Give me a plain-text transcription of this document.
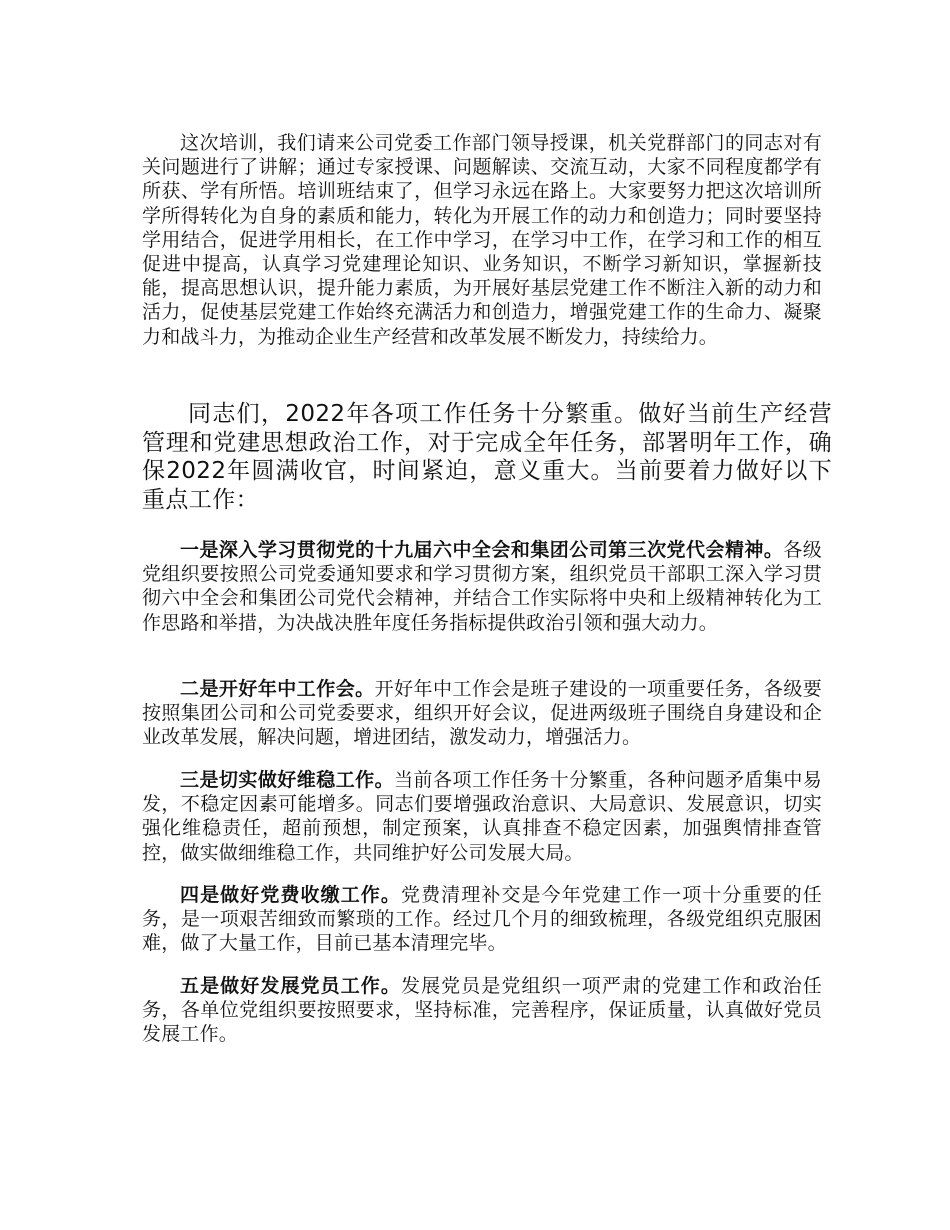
这次培训，我们请来公司党委工作部门领导授课，机关党群部门的同志对有关问题进行了讲解；通过专家授课、问题解读、交流互动，大家不同程度都学有所获、学有所悟。培训班结束了，但学习永远在路上。大家要努力把这次培训所学所得转化为自身的素质和能力，转化为开展工作的动力和创造力；同时要坚持学用结合，促进学用相长，在工作中学习，在学习中工作，在学习和工作的相互促进中提高，认真学习党建理论知识、业务知识，不断学习新知识，掌握新技能，提高思想认识，提升能力素质，为开展好基层党建工作不断注入新的动力和活力，促使基层党建工作始终充满活力和创造力，增强党建工作的生命力、凝聚力和战斗力，为推动企业生产经营和改革发展不断发力，持续给力。

同志们，2022年各项工作任务十分繁重。做好当前生产经营管理和党建思想政治工作，对于完成全年任务，部署明年工作，确保2022年圆满收官，时间紧迫，意义重大。当前要着力做好以下重点工作：

一是深入学习贯彻党的十九届六中全会和集团公司第三次党代会精神。各级党组织要按照公司党委通知要求和学习贯彻方案，组织党员干部职工深入学习贯彻六中全会和集团公司党代会精神，并结合工作实际将中央和上级精神转化为工作思路和举措，为决战决胜年度任务指标提供政治引领和强大动力。

二是开好年中工作会。开好年中工作会是班子建设的一项重要任务，各级要按照集团公司和公司党委要求，组织开好会议，促进两级班子围绕自身建设和企业改革发展，解决问题，增进团结，激发动力，增强活力。

三是切实做好维稳工作。当前各项工作任务十分繁重，各种问题矛盾集中易发，不稳定因素可能增多。同志们要增强政治意识、大局意识、发展意识，切实强化维稳责任，超前预想，制定预案，认真排查不稳定因素，加强舆情排查管控，做实做细维稳工作，共同维护好公司发展大局。

四是做好党费收缴工作。党费清理补交是今年党建工作一项十分重要的任务，是一项艰苦细致而繁琐的工作。经过几个月的细致梳理，各级党组织克服困难，做了大量工作，目前已基本清理完毕。

五是做好发展党员工作。发展党员是党组织一项严肃的党建工作和政治任务，各单位党组织要按照要求，坚持标准，完善程序，保证质量，认真做好党员发展工作。
